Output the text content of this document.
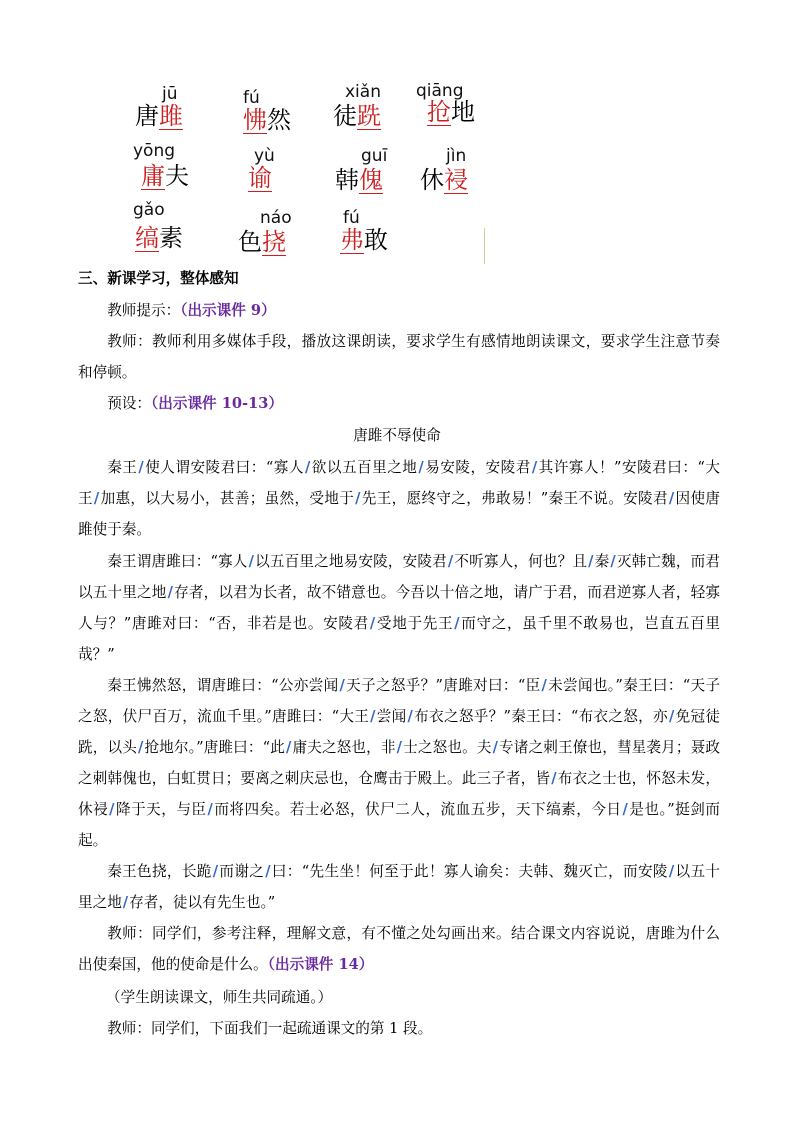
jū
唐雎
fú
怫然
xiǎn
徒跣
qiāng
抢地
yōng
庸夫
yù
谕
guī
韩傀
jìn
休祲
gǎo
缟素
náo
色挠
fú
弗敢
三、新课学习，整体感知
教师提示：（出示课件 9）
教师：教师利用多媒体手段，播放这课朗读，要求学生有感情地朗读课文，要求学生注意节奏和停顿。
预设：（出示课件 10-13）
唐雎不辱使命
秦王/使人谓安陵君曰：“寡人/欲以五百里之地/易安陵，安陵君/其许寡人！”安陵君曰：“大王/加惠，以大易小，甚善；虽然，受地于/先王，愿终守之，弗敢易！”秦王不说。安陵君/因使唐雎使于秦。
秦王谓唐雎曰：“寡人/以五百里之地易安陵，安陵君/不听寡人，何也？且/秦/灭韩亡魏，而君以五十里之地/存者，以君为长者，故不错意也。今吾以十倍之地，请广于君，而君逆寡人者，轻寡人与？”唐雎对曰：“否，非若是也。安陵君/受地于先王/而守之，虽千里不敢易也，岂直五百里哉？”
秦王怫然怒，谓唐雎曰：“公亦尝闻/天子之怒乎？”唐雎对曰：“臣/未尝闻也。”秦王曰：“天子之怒，伏尸百万，流血千里。”唐雎曰：“大王/尝闻/布衣之怒乎？”秦王曰：“布衣之怒，亦/免冠徒跣，以头/抢地尔。”唐雎曰：“此/庸夫之怒也，非/士之怒也。夫/专诸之刺王僚也，彗星袭月；聂政之刺韩傀也，白虹贯日；要离之刺庆忌也，仓鹰击于殿上。此三子者，皆/布衣之士也，怀怒未发，休祲/降于天，与臣/而将四矣。若士必怒，伏尸二人，流血五步，天下缟素，今日/是也。”挺剑而起。
秦王色挠，长跪/而谢之/曰：“先生坐！何至于此！寡人谕矣：夫韩、魏灭亡，而安陵/以五十里之地/存者，徒以有先生也。”
教师：同学们，参考注释，理解文意，有不懂之处勾画出来。结合课文内容说说，唐雎为什么出使秦国，他的使命是什么。（出示课件 14）
（学生朗读课文，师生共同疏通。）
教师：同学们，下面我们一起疏通课文的第 1 段。
